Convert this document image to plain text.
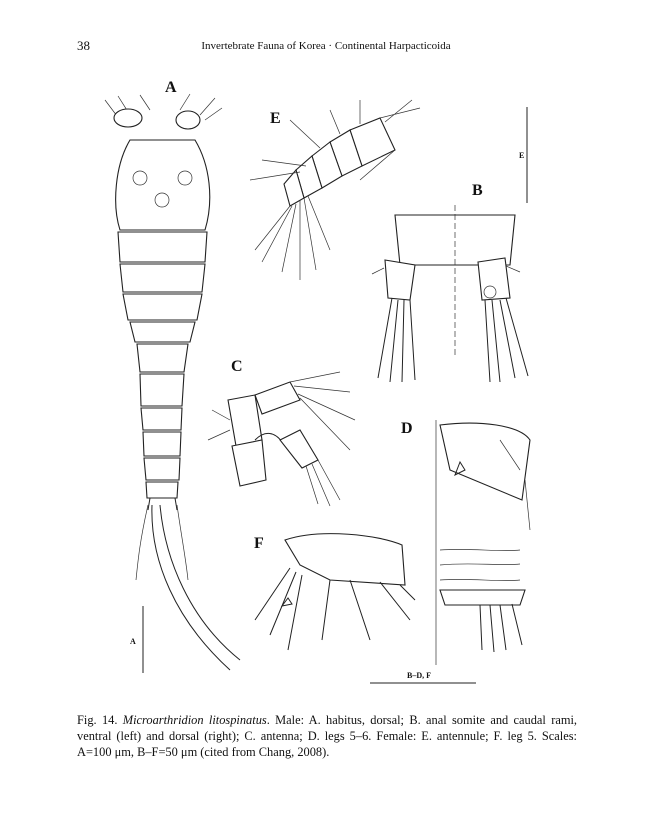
38	Invertebrate Fauna of Korea · Continental Harpacticoida
A
A
E
E
B
C
D
F
B–D, F
Fig. 14. Microarthridion litospinatus. Male: A. habitus, dorsal; B. anal somite and caudal rami, ventral (left) and dorsal (right); C. antenna; D. legs 5–6. Female: E. antennule; F. leg 5. Scales: A=100 μm, B–F=50 μm (cited from Chang, 2008).
